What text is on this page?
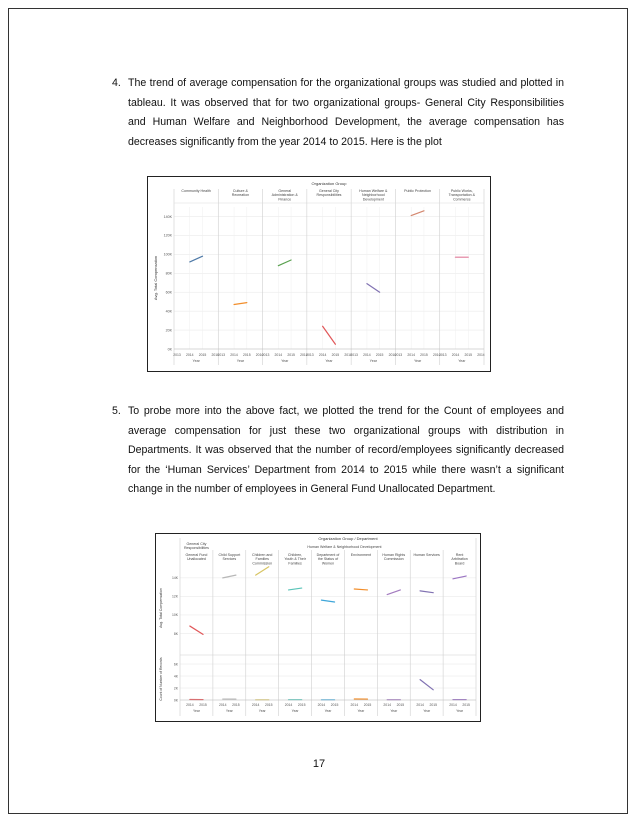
4. The trend of average compensation for the organizational groups was studied and plotted in tableau. It was observed that for two organizational groups- General City Responsibilities and Human Welfare and Neighborhood Development, the average compensation has decreases significantly from the year 2014 to 2015. Here is the plot
Organization Group
Avg. Total Compensation
0K
20K
40K
60K
80K
100K
120K
140K
Community Health
2013 2014 2015 2016
Year
Culture & Recreation
2013 2014 2015 2016
Year
General Administration & Finance
2013 2014 2015 2016
Year
General City Responsibilities
2013 2014 2015 2016
Year
Human Welfare & Neighborhood Development
2013 2014 2015 2016
Year
Public Protection
2013 2014 2015 2016
Year
Public Works, Transportation & Commerce
2013 2014 2015 2016
Year
5. To probe more into the above fact, we plotted the trend for the Count of employees and average compensation for just these two organizational groups with distribution in Departments. It was observed that the number of record/employees significantly decreased for the ‘Human Services’ Department from 2014 to 2015 while there wasn’t a significant change in the number of employees in General Fund Unallocated Department.
Organization Group / Department
General City Responsibilities	Human Welfare & Neighborhood Development
Avg. Total Compensation
Count of Number of Records
8K
10K
12K
14K
0K
2K
4K
6K
General Fund Unallocated
2014 2015
Year
Child Support Services
2014 2015
Year
Children and Families Commission
2014 2015
Year
Children, Youth & Their Families
2014 2015
Year
Department of the Status of Women
2014 2015
Year
Environment
2014 2015
Year
Human Rights Commission
2014 2015
Year
Human Services
2014 2015
Year
Rent Arbitration Board
2014 2015
Year
17
